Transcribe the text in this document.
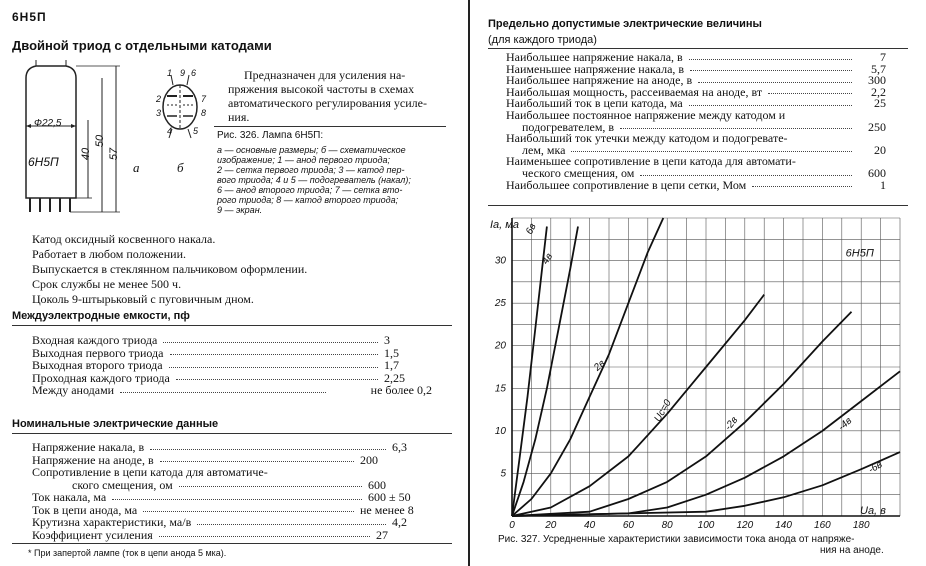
6Н5П
Двойной триод с отдельными катодами
Ф22,5
6Н5П
40
50
57
а
1 9 6
2	7
3	8
4 5
б
Предназначен для усиления на-
пряжения высокой частоты в схемах
автоматического регулирования усиле-
ния.
Рис. 326. Лампа 6Н5П:
а — основные размеры; б — схематическое
изображение; 1 — анод первого триода;
2 — сетка первого триода; 3 — катод пер-
вого триода; 4 и 5 — подогреватель (накал);
6 — анод второго триода; 7 — сетка вто-
рого триода; 8 — катод второго триода;
9 — экран.
Катод оксидный косвенного накала.
Работает в любом положении.
Выпускается в стеклянном пальчиковом оформлении.
Срок службы не менее 500 ч.
Цоколь 9-штырьковый с пуговичным дном.
Междуэлектродные емкости, пф
Входная каждого триода	3
Выходная первого триода	1,5
Выходная второго триода	1,7
Проходная каждого триода	2,25
Между анодами	не более 0,2
Номинальные электрические данные
Напряжение накала, в	6,3
Напряжение на аноде, в	200
Сопротивление в цепи катода для автоматиче-
ского смещения, ом	600
Ток накала, ма	600 ± 50
Ток в цепи анода, ма	не менее 8
Крутизна характеристики, ма/в	4,2
Коэффициент усиления	27
* При запертой лампе (ток в цепи анода 5 мка).
Предельно допустимые электрические величины
(для каждого триода)
Наибольшее напряжение накала, в	7
Наименьшее напряжение накала, в	5,7
Наибольшее напряжение на аноде, в	300
Наибольшая мощность, рассеиваемая на аноде, вт	2,2
Наибольший ток в цепи катода, ма	25
Наибольшее постоянное напряжение между катодом и
подогревателем, в	250
Наибольший ток утечки между катодом и подогревате-
лем, мка	20
Наименьшее сопротивление в цепи катода для автомати-
ческого смещения, ом	600
Наибольшее сопротивление в цепи сетки, Мом	1
0	20	40	60	80 100 120 140 160 180
5
10
15
20
25
30
Ia, ма
Ua, в
6Н5П
6в
4в
2в
Uс=0	-2в	-4в
-6в
Рис. 327. Усредненные характеристики зависимости тока анода от напряже-
ния на аноде.
